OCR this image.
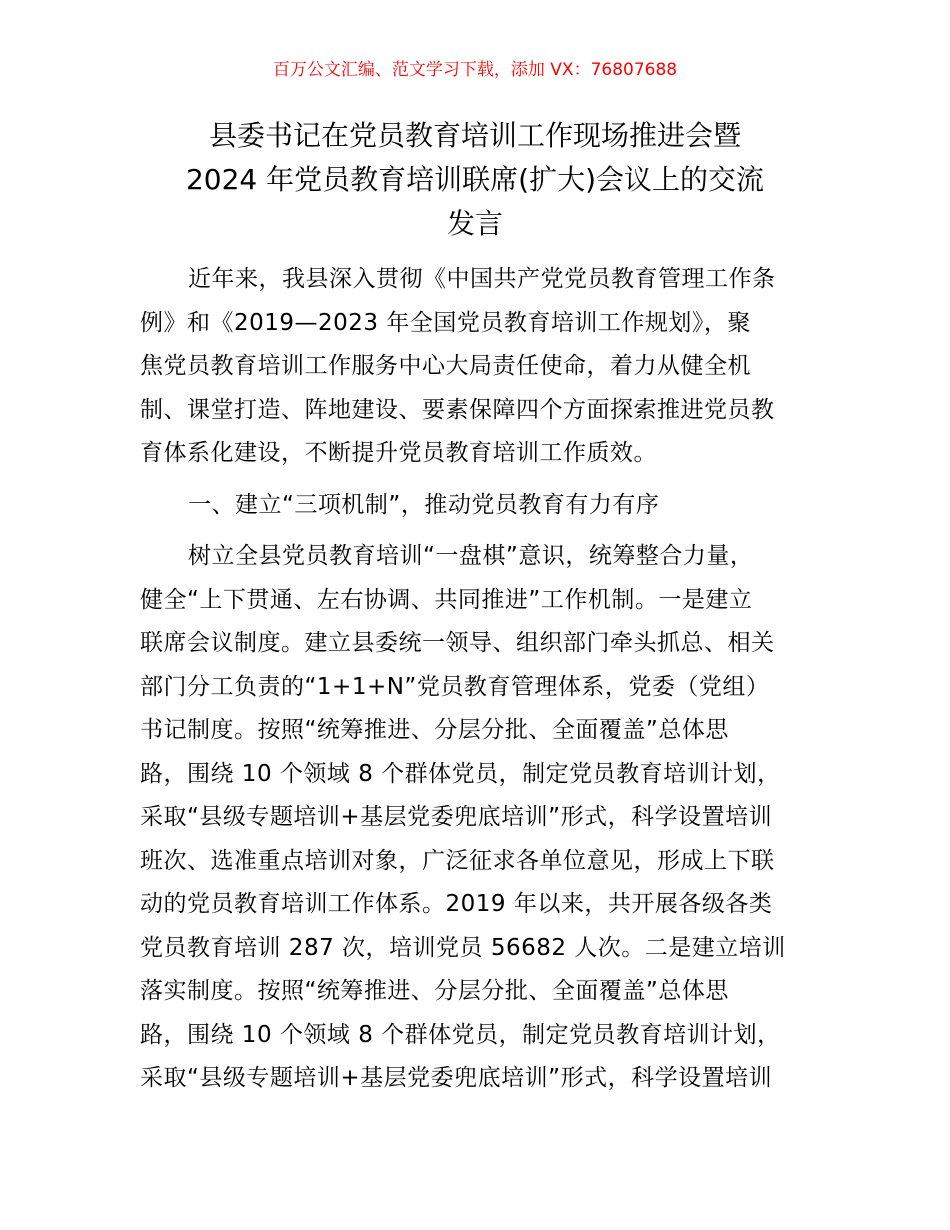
百万公文汇编、范文学习下载，添加 VX：76807688
县委书记在党员教育培训工作现场推进会暨
2024 年党员教育培训联席(扩大)会议上的交流
发言
近年来，我县深入贯彻《中国共产党党员教育管理工作条
例》和《2019—2023 年全国党员教育培训工作规划》，聚
焦党员教育培训工作服务中心大局责任使命，着力从健全机
制、课堂打造、阵地建设、要素保障四个方面探索推进党员教
育体系化建设，不断提升党员教育培训工作质效。
一、建立“三项机制”，推动党员教育有力有序
树立全县党员教育培训“一盘棋”意识，统筹整合力量，
健全“上下贯通、左右协调、共同推进”工作机制。一是建立
联席会议制度。建立县委统一领导、组织部门牵头抓总、相关
部门分工负责的“1+1+N”党员教育管理体系，党委（党组）
书记制度。按照“统筹推进、分层分批、全面覆盖”总体思
路，围绕 10 个领域 8 个群体党员，制定党员教育培训计划，
采取“县级专题培训+基层党委兜底培训”形式，科学设置培训
班次、选准重点培训对象，广泛征求各单位意见，形成上下联
动的党员教育培训工作体系。2019 年以来，共开展各级各类
党员教育培训 287 次，培训党员 56682 人次。二是建立培训
落实制度。按照“统筹推进、分层分批、全面覆盖”总体思
路，围绕 10 个领域 8 个群体党员，制定党员教育培训计划，
采取“县级专题培训+基层党委兜底培训”形式，科学设置培训
